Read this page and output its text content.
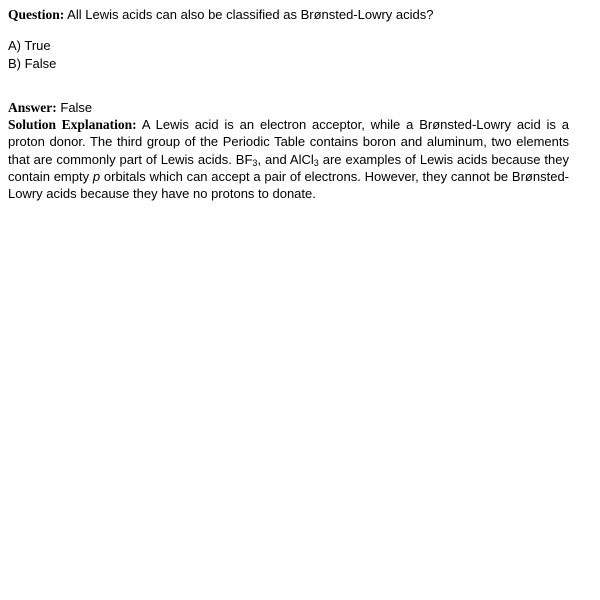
Question: All Lewis acids can also be classified as Brønsted-Lowry acids?

A) True
B) False

Answer: False

Solution Explanation: A Lewis acid is an electron acceptor, while a Brønsted-Lowry acid is a proton donor. The third group of the Periodic Table contains boron and aluminum, two elements that are commonly part of Lewis acids. $BF_3$, and AlCl$_3$ are examples of Lewis acids because they contain empty p orbitals which can accept a pair of electrons. However, they cannot be Brønsted-Lowry acids because they have no protons to donate.
